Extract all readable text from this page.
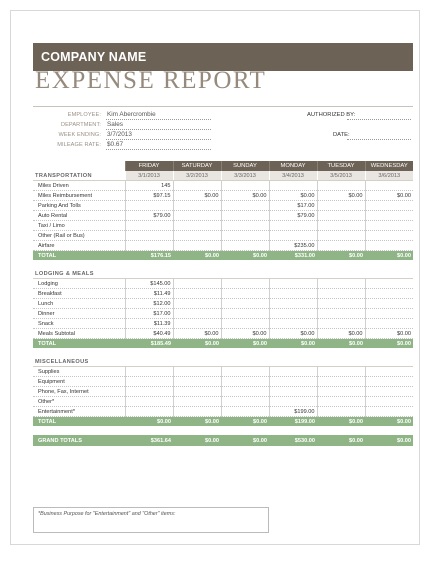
COMPANY NAME
EXPENSE REPORT
EMPLOYEE: Kim Abercrombie
DEPARTMENT: Sales
WEEK ENDING: 3/7/2013
MILEAGE RATE: $0.67
AUTHORIZED BY:
DATE:
	FRIDAY	SATURDAY	SUNDAY	MONDAY	TUESDAY	WEDNESDAY
TRANSPORTATION	3/1/2013	3/2/2013	3/3/2013	3/4/2013	3/5/2013	3/6/2013
Miles Driven	145					
Miles Reimbursement	$97.15	$0.00	$0.00	$0.00	$0.00	$0.00
Parking And Tolls				$17.00		
Auto Rental	$79.00			$79.00		
Taxi / Limo						
Other (Rail or Bus)						
Airfare				$235.00		
TOTAL	$176.15	$0.00	$0.00	$331.00	$0.00	$0.00

LODGING & MEALS						
Lodging	$145.00					
Breakfast	$11.49					
Lunch	$12.00					
Dinner	$17.00					
Snack	$11.39					
Meals Subtotal	$40.49	$0.00	$0.00	$0.00	$0.00	$0.00
TOTAL	$185.49	$0.00	$0.00	$0.00	$0.00	$0.00

MISCELLANEOUS						
Supplies						
Equipment						
Phone, Fax, Internet						
Other*						
Entertainment*				$199.00		
TOTAL	$0.00	$0.00	$0.00	$199.00	$0.00	$0.00

GRAND TOTALS	$361.64	$0.00	$0.00	$530.00	$0.00	$0.00
*Business Purpose for "Entertainment" and "Other" items:
